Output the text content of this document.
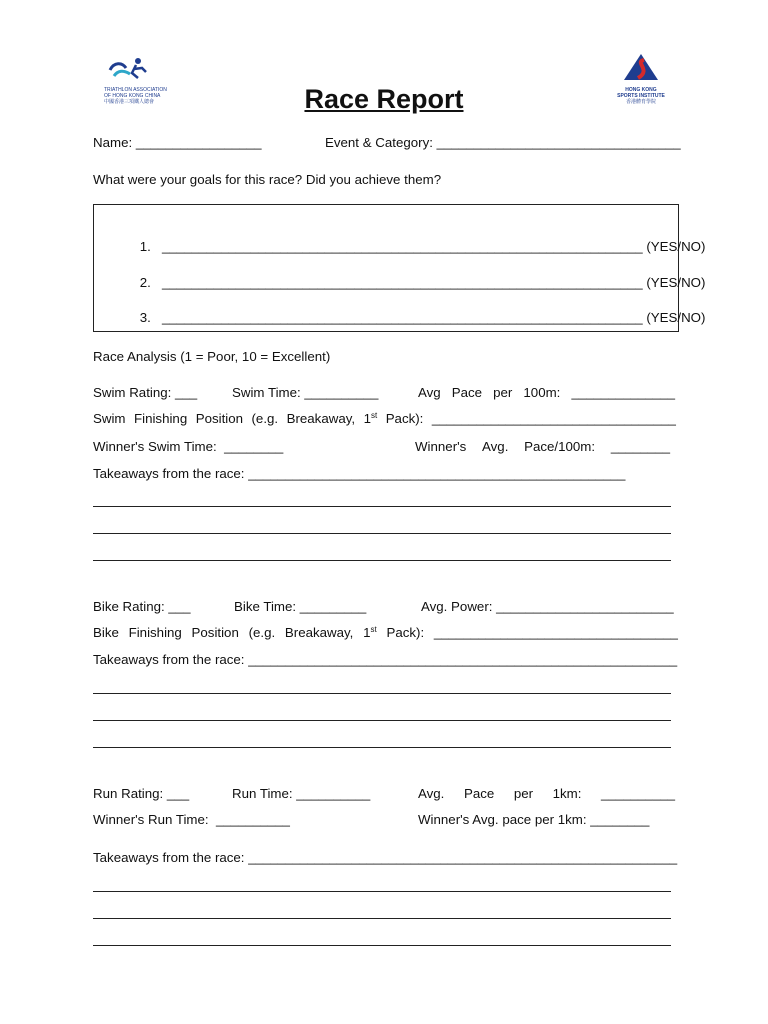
TRIATHLON ASSOCIATION
OF HONG KONG CHINA
中國香港三項鐵人總會
HONG KONG
SPORTS INSTITUTE
香港體育學院
Race Report
Name: _________________	Event & Category: _________________________________
What were your goals for this race? Did you achieve them?

1. _________________________________________________________________ (YES/NO)

2. _________________________________________________________________ (YES/NO)

3. _________________________________________________________________ (YES/NO)

Race Analysis (1 = Poor, 10 = Excellent)
Swim Rating: ___	Swim Time: __________	Avg Pace per 100m: ______________
Swim Finishing Position (e.g. Breakaway, 1st Pack): _________________________________
Winner's Swim Time:  ________	Winner's Avg. Pace/100m: ________
Takeaways from the race: ___________________________________________________
Bike Rating: ___	Bike Time: _________	Avg. Power: ________________________
Bike Finishing Position (e.g. Breakaway, 1st Pack): _________________________________
Takeaways from the race: __________________________________________________________
Run Rating: ___	Run Time: __________	Avg. Pace per 1km: __________
Winner's Run Time:  __________	Winner's Avg. pace per 1km: ________
Takeaways from the race: __________________________________________________________
